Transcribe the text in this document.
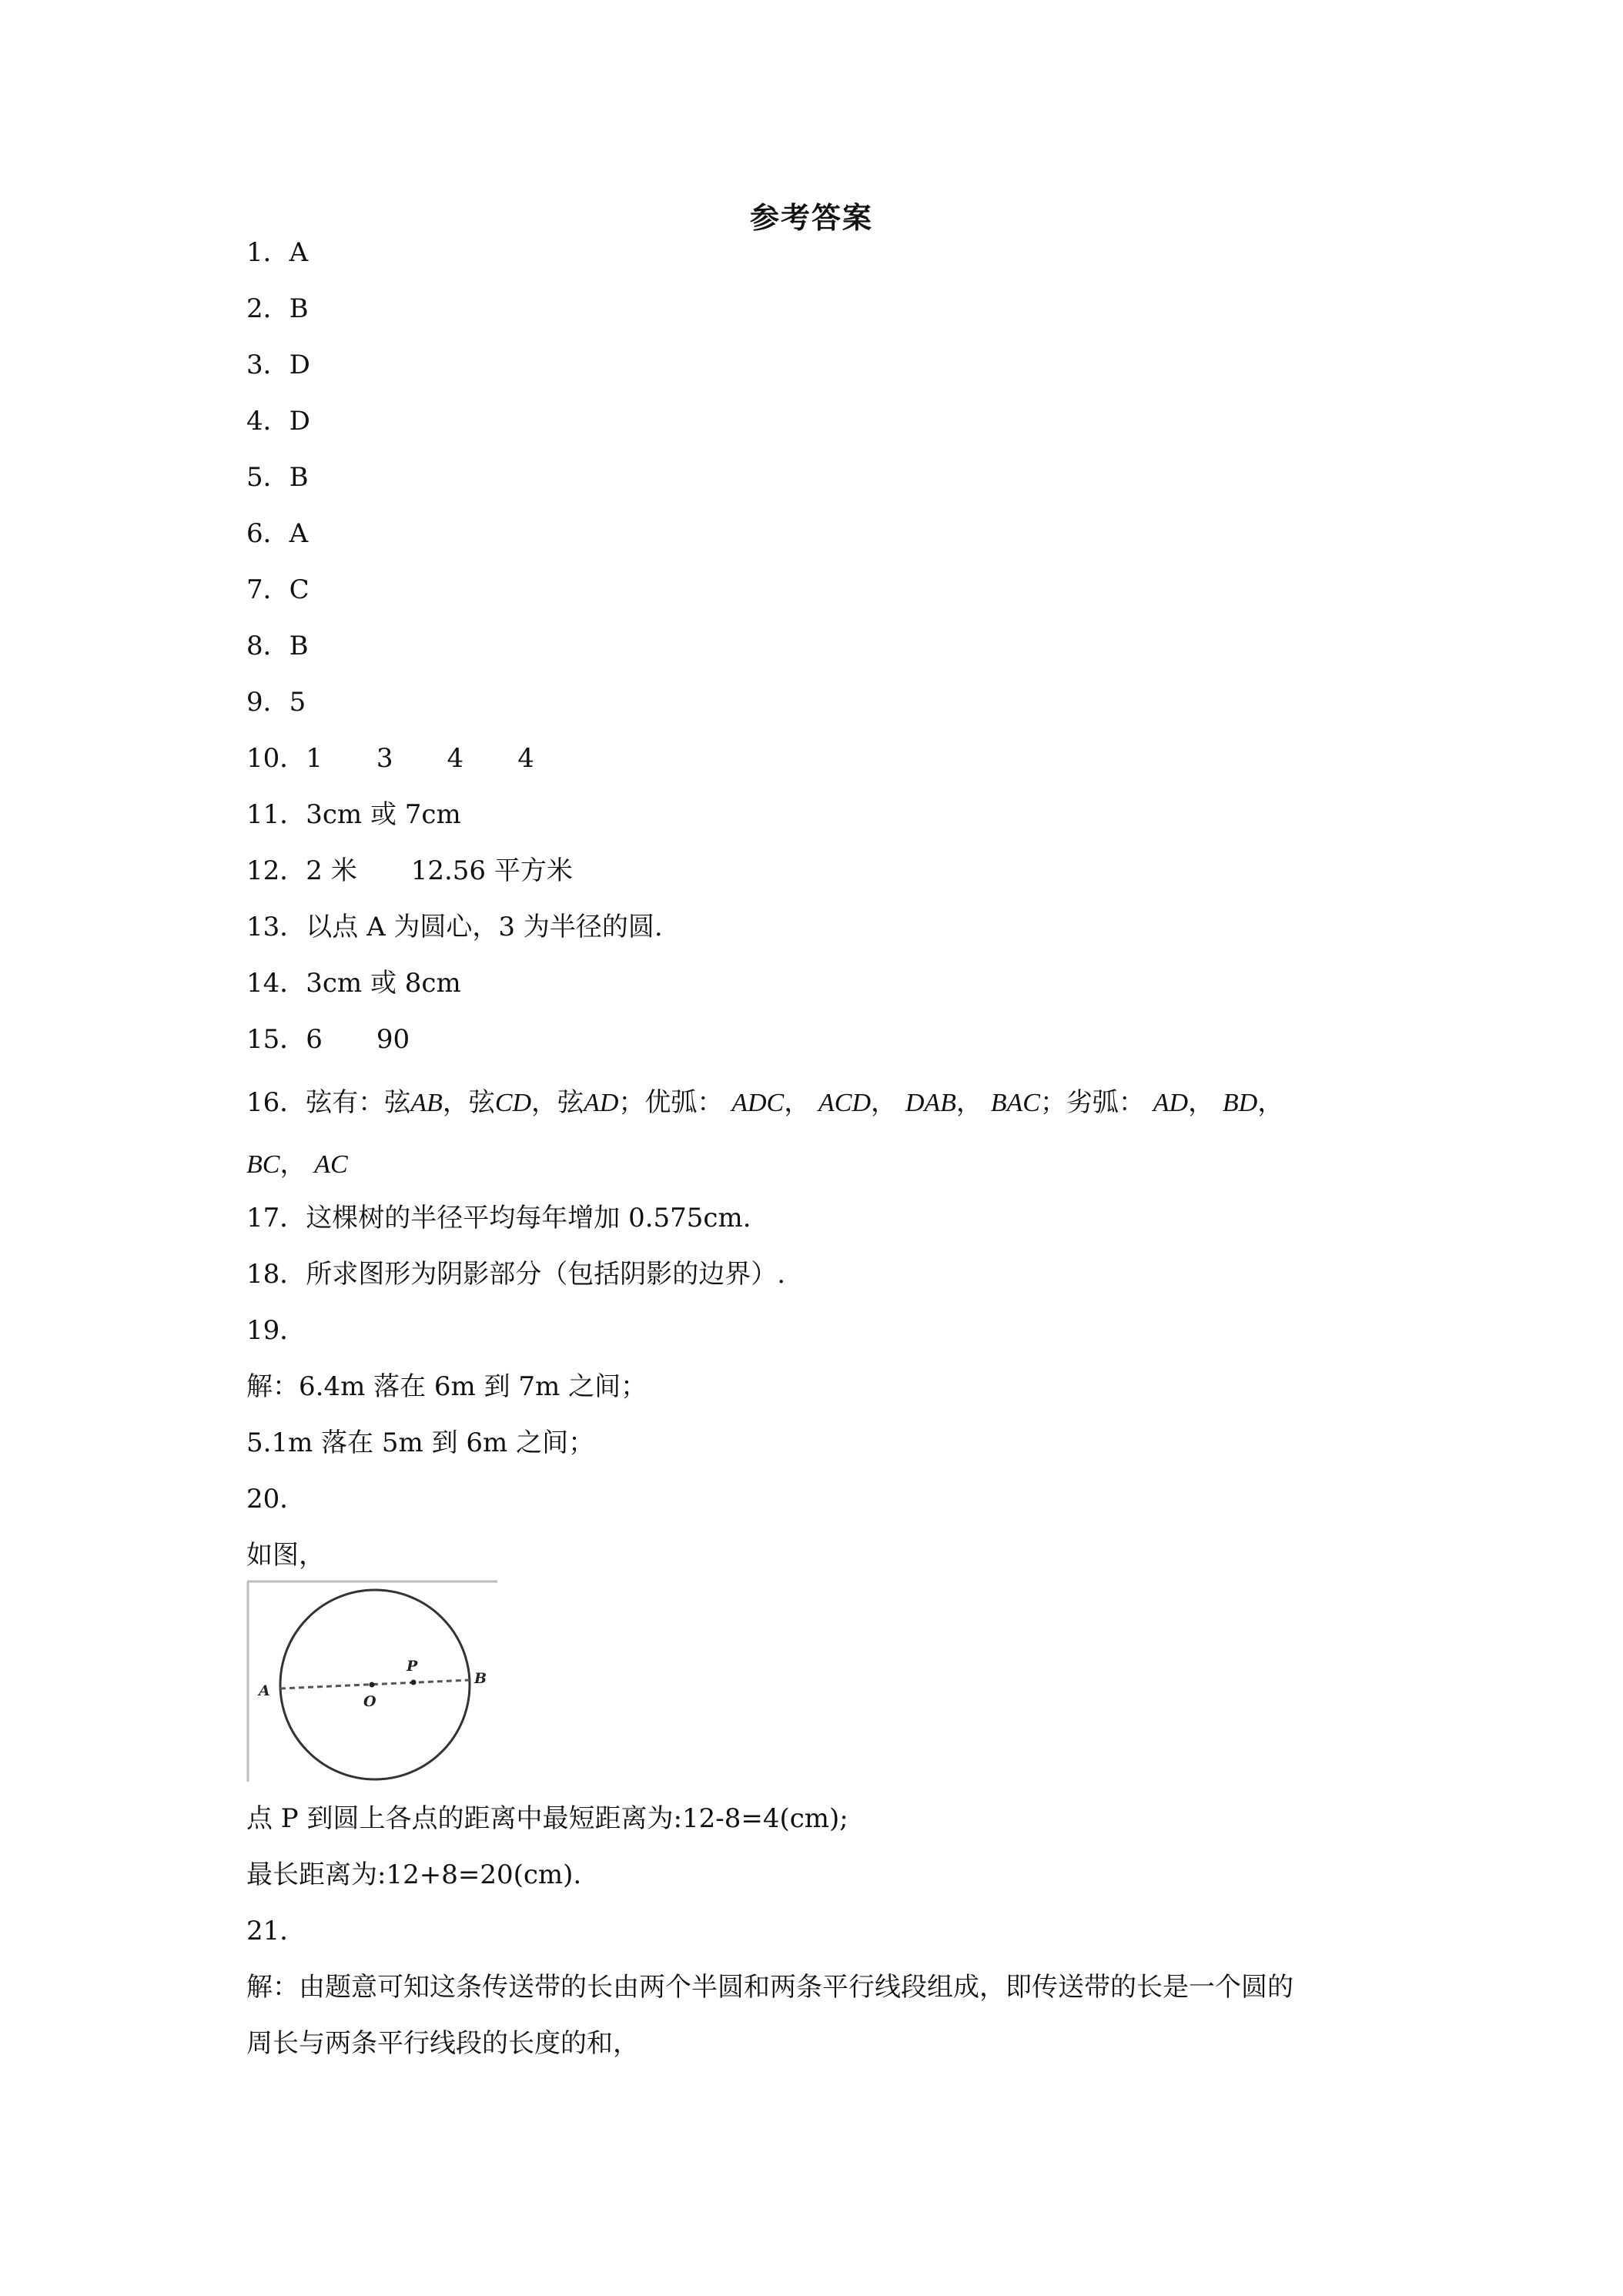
参考答案
1．A
2．B
3．D
4．D
5．B
6．A
7．C
8．B
9．5
10．1 3 4 4
11．3cm 或 7cm
12．2 米 12.56 平方米
13．以点 A 为圆心，3 为半径的圆.
14．3cm 或 8cm
15．6 90
16．弦有：弦AB，弦CD，弦AD；优弧： ADC， ACD， DAB， BAC；劣弧： AD， BD，
BC， AC
17．这棵树的半径平均每年增加 0.575cm.
18．所求图形为阴影部分（包括阴影的边界）.
19．
解：6.4m 落在 6m 到 7m 之间；
5.1m 落在 5m 到 6m 之间；
20．
如图，
A
O
P
B
点 P 到圆上各点的距离中最短距离为:12-8=4(cm);
最长距离为:12+8=20(cm).
21．
解：由题意可知这条传送带的长由两个半圆和两条平行线段组成，即传送带的长是一个圆的
周长与两条平行线段的长度的和，
